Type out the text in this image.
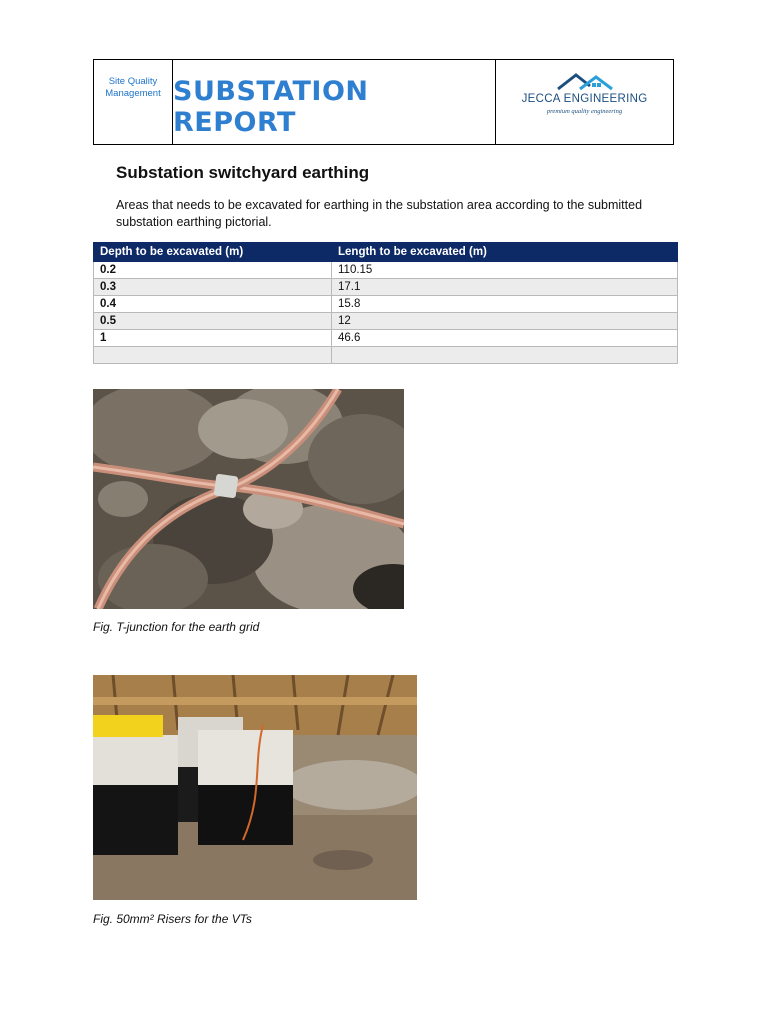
Site Quality Management SUBSTATION REPORT
JECCA ENGINEERING
premium quality engineering
Substation switchyard earthing

Areas that needs to be excavated for earthing in the substation area according to the submitted substation earthing pictorial.

Depth to be excavated (m)	Length to be excavated (m)
0.2	110.15
0.3	17.1
0.4	15.8
0.5	12
1	46.6

Fig. T-junction for the earth grid

Fig. 50mm² Risers for the VTs
